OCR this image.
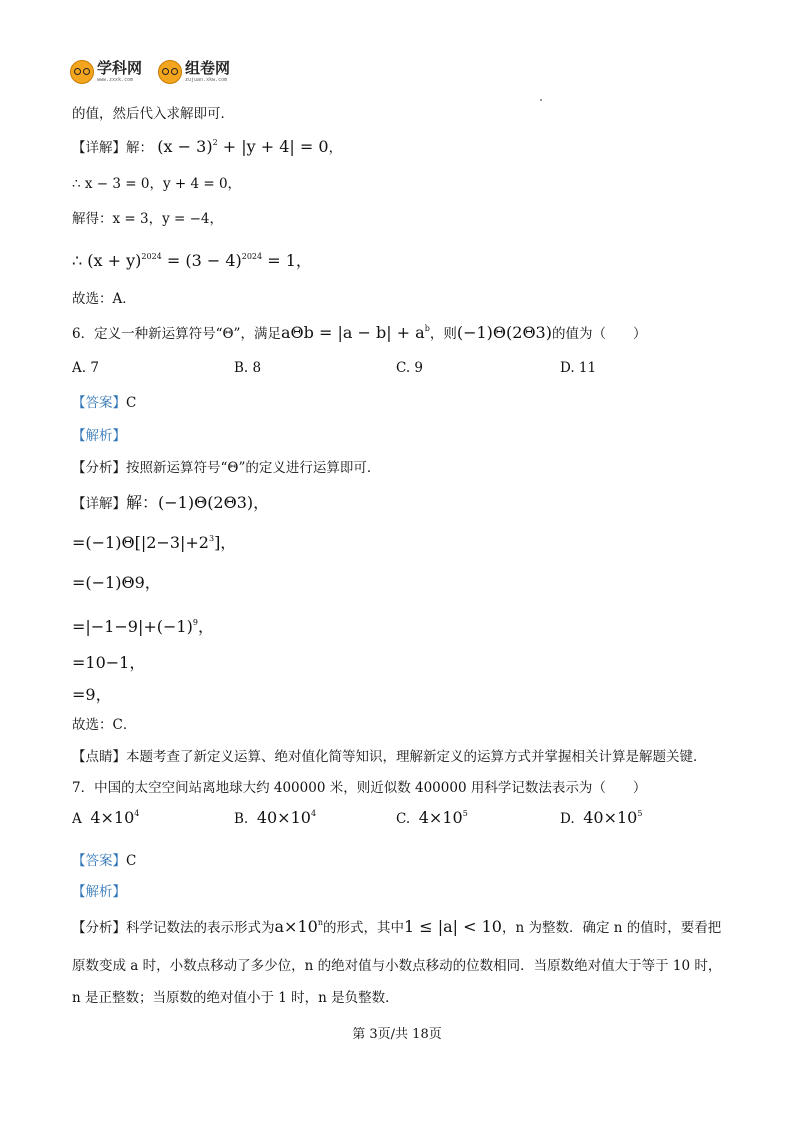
学科网
www.zxxk.com
组卷网
zujuan.xkw.com
的值，然后代入求解即可．
【详解】解： $(x - 3)^2 + |y + 4| = 0$，
∴ x − 3 = 0，y + 4 = 0，
解得：x = 3，y = −4，
∴ $(x + y)^{2024} = (3 - 4)^{2024} = 1$，
故选：A．
6．定义一种新运算符号“Θ”，满足$a\Theta b = |a - b| + a^b$，则(−1)Θ(2Θ3)的值为（　　）
A. 7	B. 8	C. 9	D. 11
【答案】C
【解析】
【分析】按照新运算符号“Θ”的定义进行运算即可．
【详解】解：(−1)Θ(2Θ3)，
$=(-1)\Theta[|2-3|+2^3]$，
=(−1)Θ9，
$=|-1-9|+(-1)^9$，
=10−1，
=9，
故选：C．
【点睛】本题考查了新定义运算、绝对值化简等知识，理解新定义的运算方式并掌握相关计算是解题关键．
7．中国的太空空间站离地球大约 400000 米，则近似数 400000 用科学记数法表示为（　　）
A $4\times 10^4$	B. $40\times 10^4$	C. $4\times 10^5$	D. $40\times 10^5$
【答案】C
【解析】
【分析】科学记数法的表示形式为$a\times 10^n$的形式，其中1 ≤ |a| < 10，n 为整数．确定 n 的值时，要看把
原数变成 a 时，小数点移动了多少位，n 的绝对值与小数点移动的位数相同．当原数绝对值大于等于 10 时，
n 是正整数；当原数的绝对值小于 1 时，n 是负整数．
第 3页/共 18页
